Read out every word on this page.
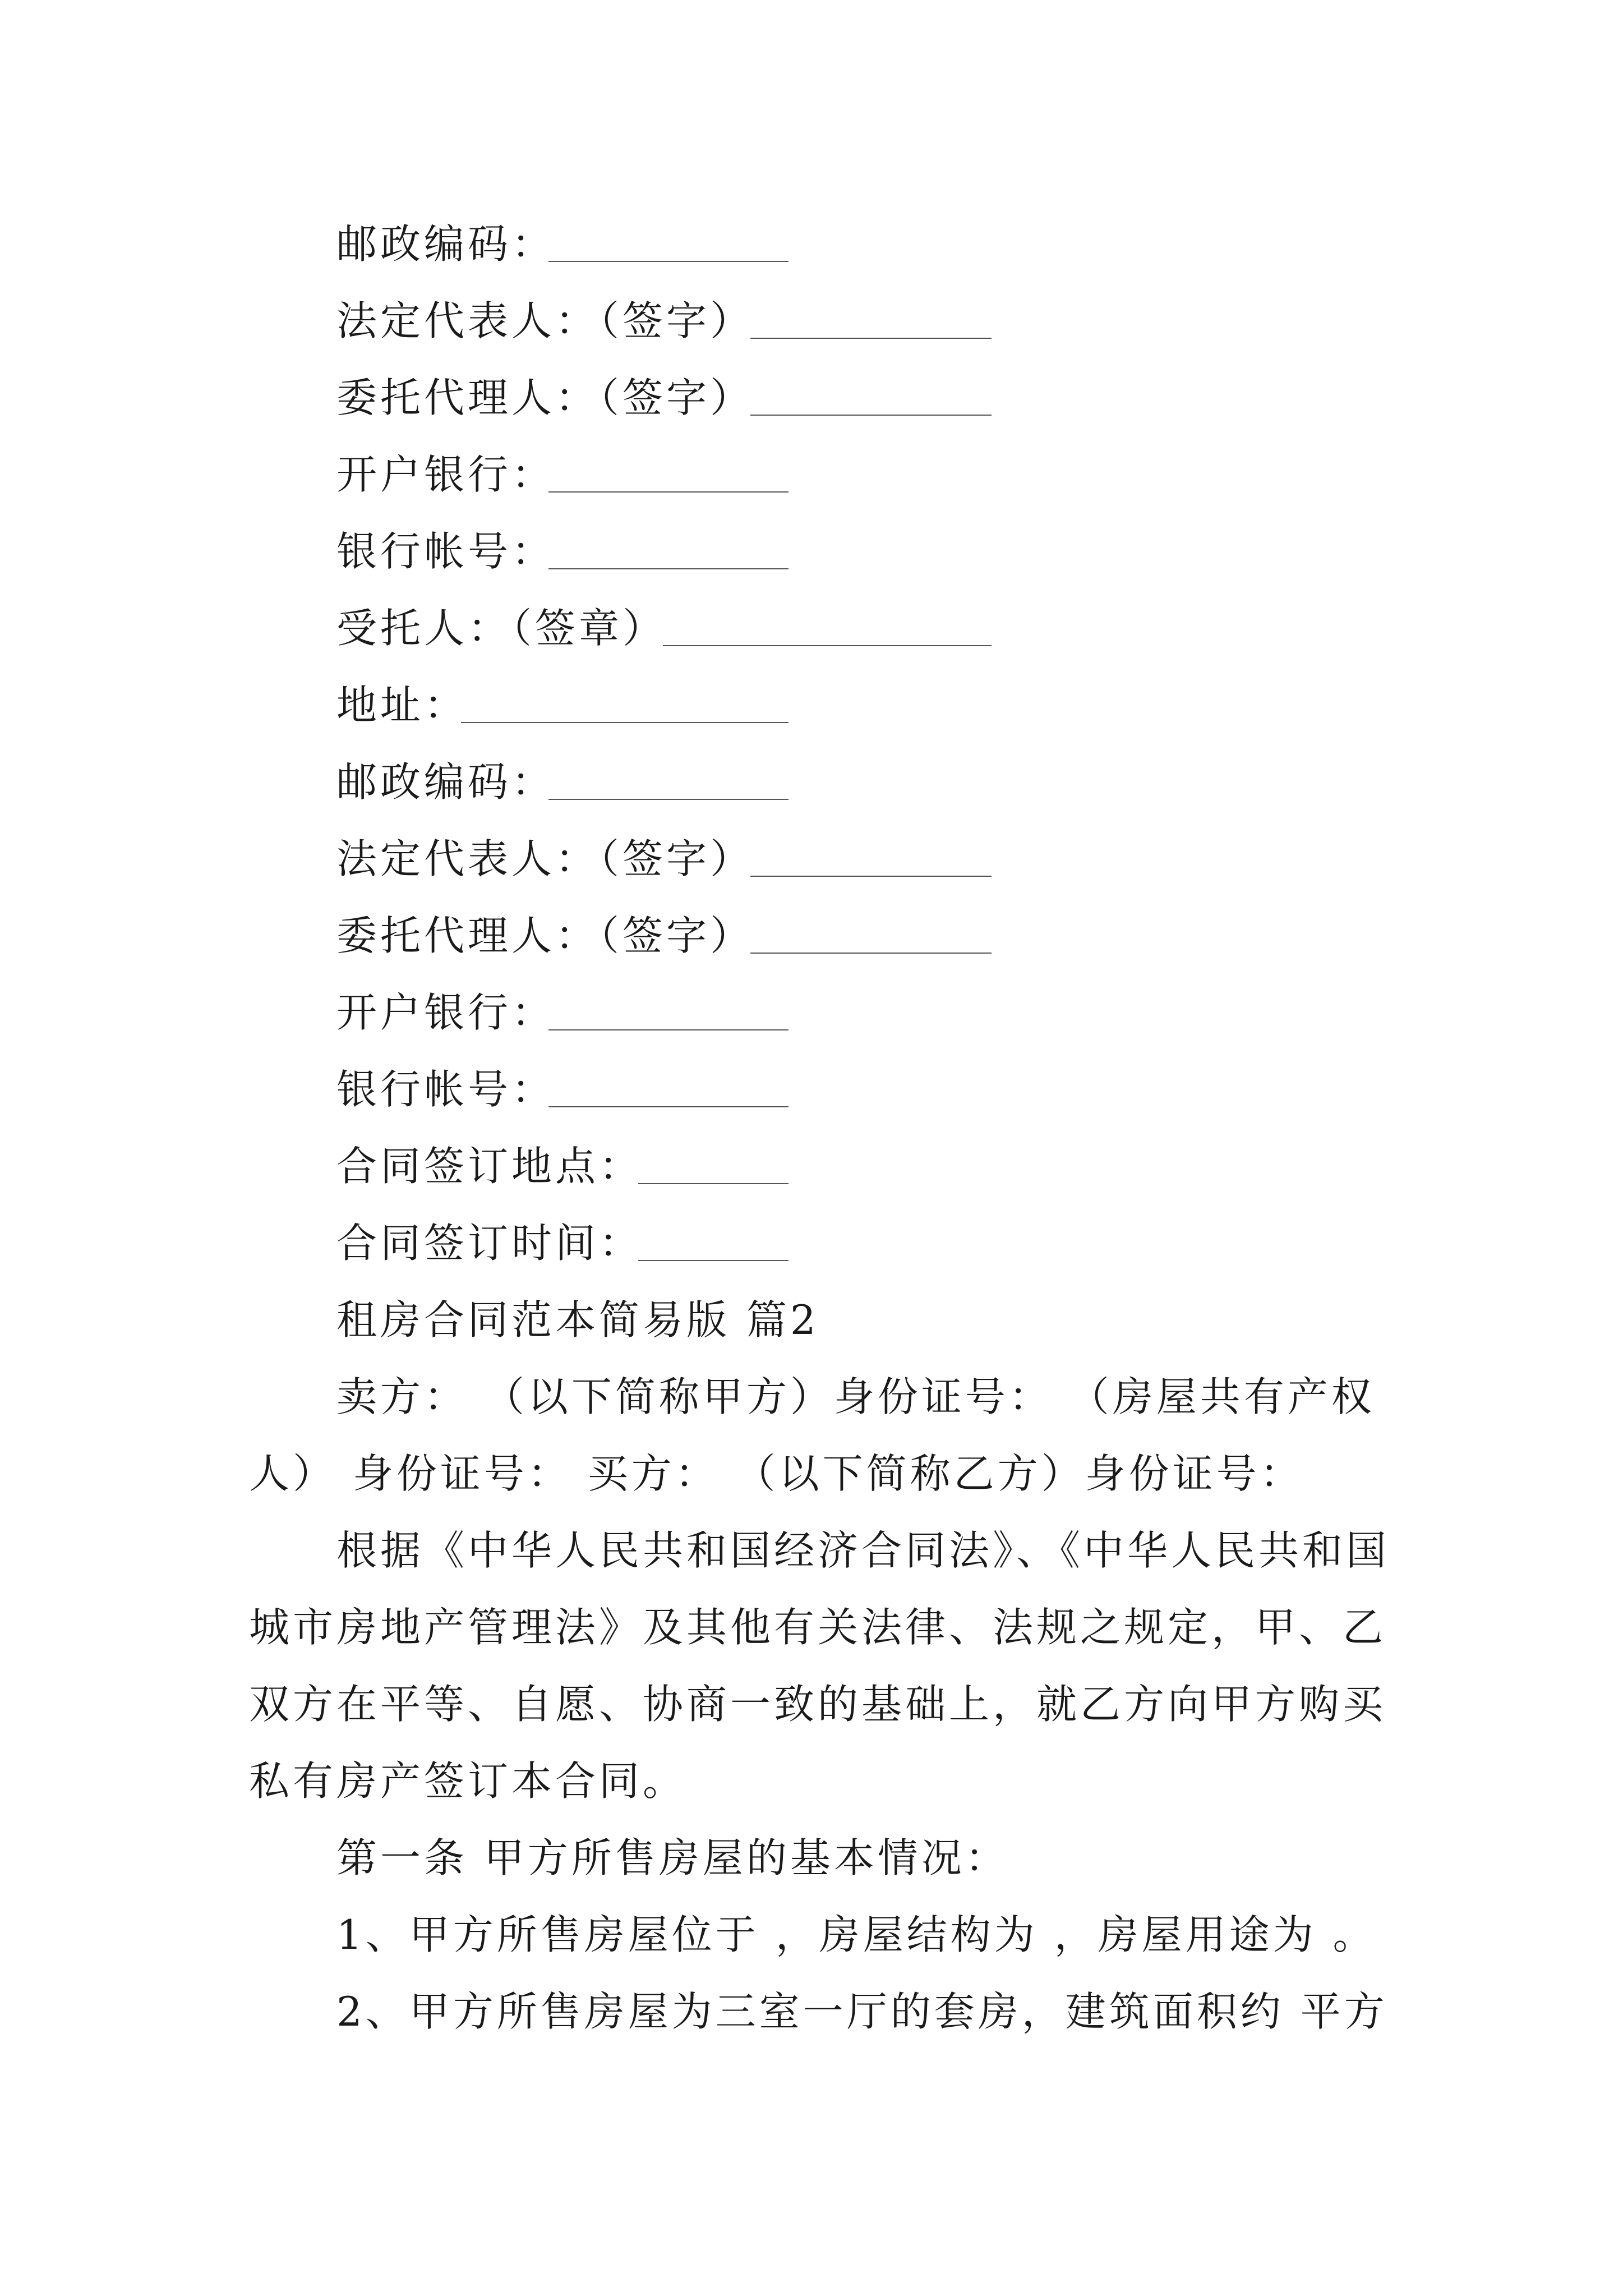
邮政编码：
法定代表人：（签字）
委托代理人：（签字）
开户银行：
银行帐号：
受托人：（签章）
地址：
邮政编码：
法定代表人：（签字）
委托代理人：（签字）
开户银行：
银行帐号：
合同签订地点：
合同签订时间：
租房合同范本简易版 篇2
卖方： （以下简称甲方）身份证号： （房屋共有产权
人） 身份证号： 买方： （以下简称乙方）身份证号：
根据《中华人民共和国经济合同法》、《中华人民共和国
城市房地产管理法》及其他有关法律、法规之规定，甲、乙
双方在平等、自愿、协商一致的基础上，就乙方向甲方购买
私有房产签订本合同。
第一条 甲方所售房屋的基本情况：
1、甲方所售房屋位于 ，房屋结构为 ，房屋用途为 。
2、甲方所售房屋为三室一厅的套房，建筑面积约 平方
